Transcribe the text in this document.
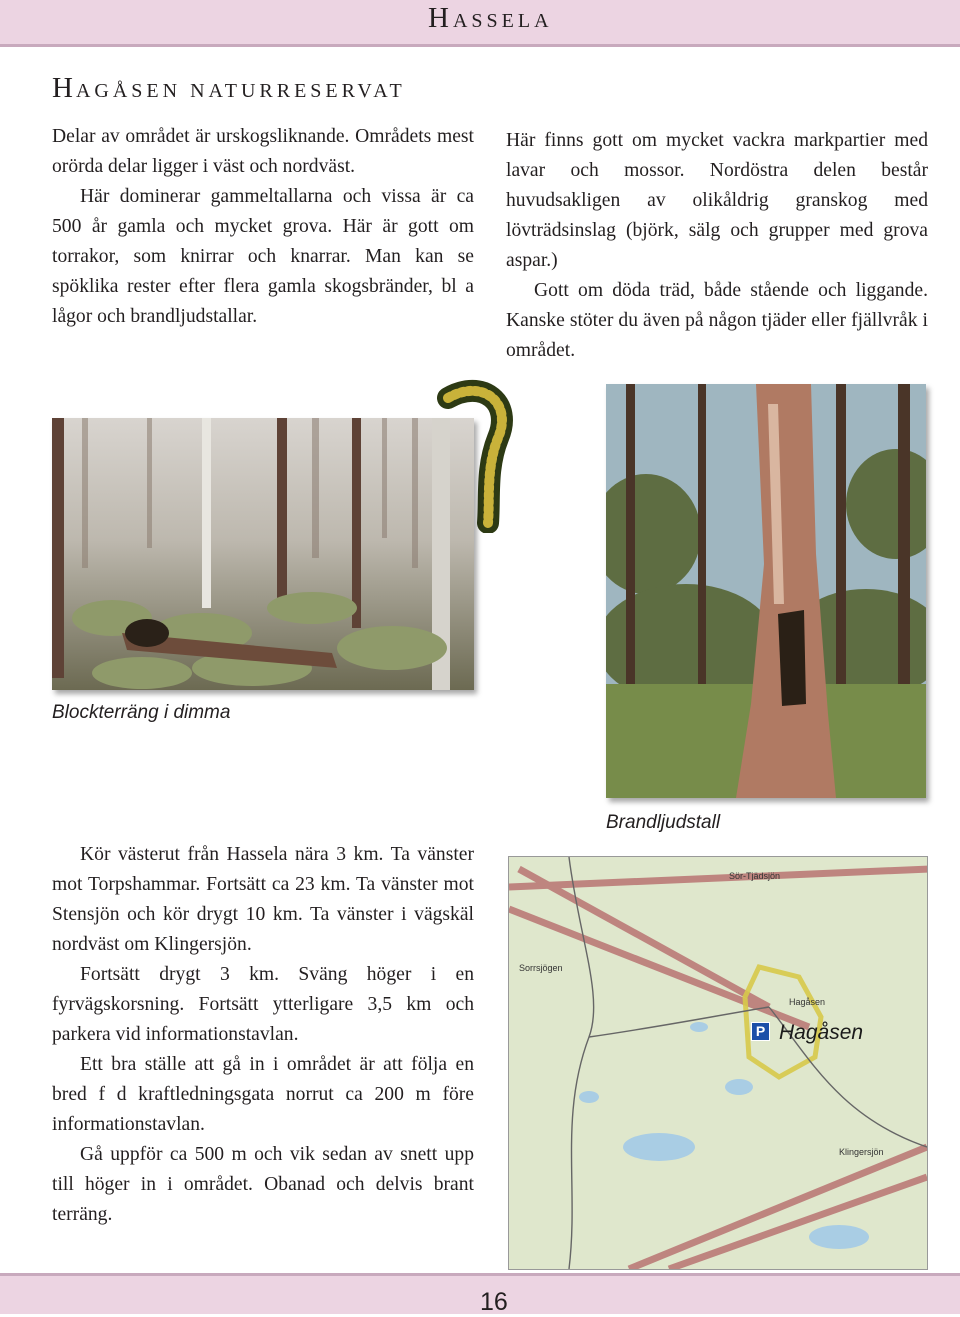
HASSELA
HAGÅSEN NATURRESERVAT

Delar av området är urskogsliknande. Områdets mest orörda delar ligger i väst och nordväst.

Här dominerar gammeltallarna och vissa är ca 500 år gamla och mycket grova. Här är gott om torrakor, som knirrar och knarrar. Man kan se spöklika rester efter flera gamla skogsbränder, bl a lågor och brandljudstallar.

Här finns gott om mycket vackra markpartier med lavar och mossor. Nordöstra delen består huvudsakligen av olikåldrig granskog med lövträdsinslag (björk, sälg och grupper med grova aspar.)

Gott om döda träd, både stående och liggande. Kanske stöter du även på någon tjäder eller fjällvråk i området.

Blockterräng i dimma
Brandljudstall

Kör västerut från Hassela nära 3 km. Ta vänster mot Torpshammar. Fortsätt ca 23 km. Ta vänster mot Stensjön och kör drygt 10 km. Ta vänster i vägskäl nordväst om Klingersjön.

Fortsätt drygt 3 km. Sväng höger i en fyrvägskorsning. Fortsätt ytterligare 3,5 km och parkera vid informationstavlan.

Ett bra ställe att gå in i området är att följa en bred f d kraftledningsgata norrut ca 200 m före informationstavlan.

Gå uppför ca 500 m och vik sedan av snett upp till höger in i området. Obanad och delvis brant terräng.

Sör-Tjädsjön
Hagåsen
Sorrsjögen
Klingersjön
P Hagåsen
16
